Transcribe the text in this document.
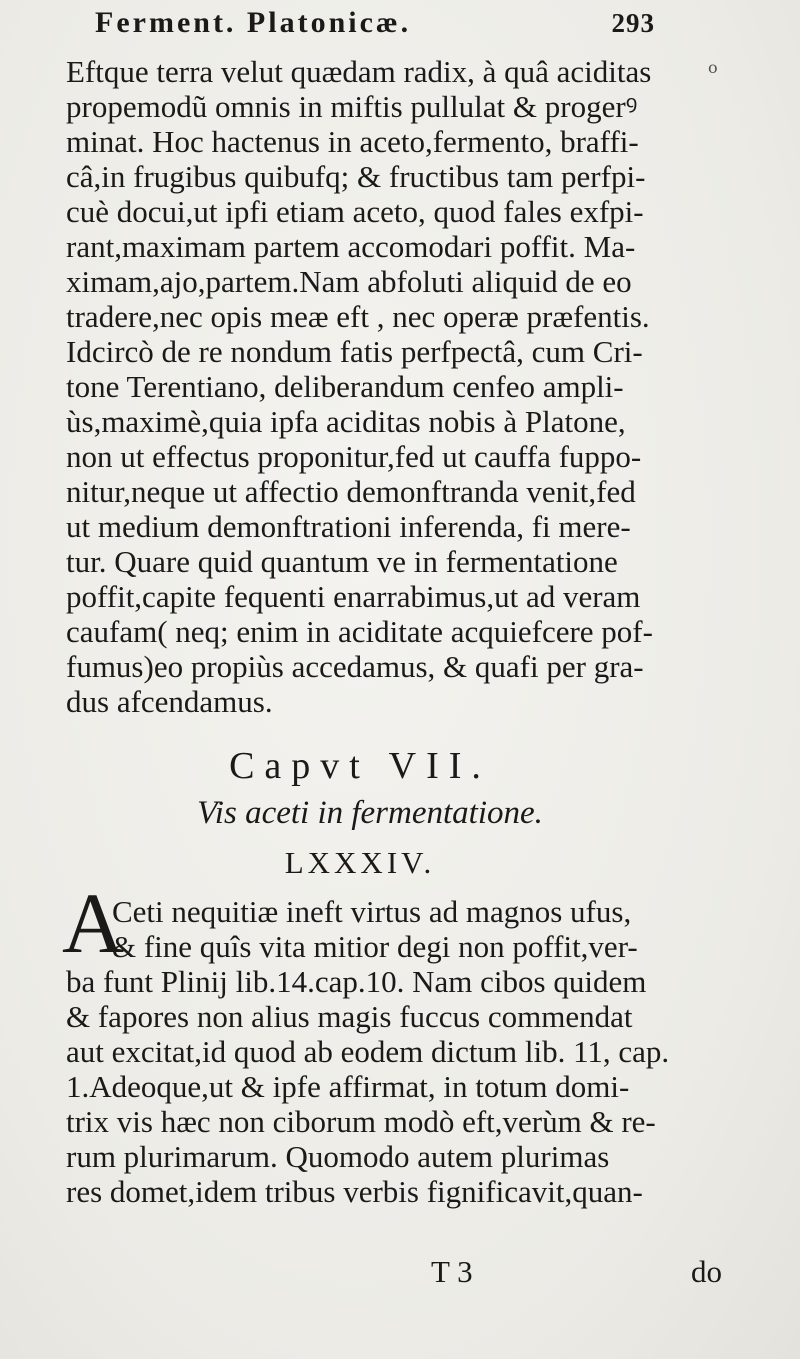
Ferment. Platonicæ.	293
o
Eftque terra velut quædam radix, à quâ aciditas
propemodũ omnis in miftis pullulat & progerꝰ
minat. Hoc hactenus in aceto,fermento, braffi-
câ,in frugibus quibufq; & fructibus tam perfpi-
cuè docui,ut ipfi etiam aceto, quod fales exfpi-
rant,maximam partem accomodari poffit. Ma-
ximam,ajo,partem.Nam abfoluti aliquid de eo
tradere,nec opis meæ eft , nec operæ præfentis.
Idcircò de re nondum fatis perfpectâ, cum Cri-
tone Terentiano, deliberandum cenfeo ampli-
ùs,maximè,quia ipfa aciditas nobis à Platone,
non ut effectus proponitur,fed ut cauffa fuppo-
nitur,neque ut affectio demonftranda venit,fed
ut medium demonftrationi inferenda, fi mere-
tur. Quare quid quantum ve in fermentatione
poffit,capite fequenti enarrabimus,ut ad veram
caufam( neq; enim in aciditate acquiefcere pof-
fumus)eo propiùs accedamus, & quafi per gra-
dus afcendamus.
Capvt VII.
Vis aceti in fermentatione.
LXXXIV.
A
Ceti nequitiæ ineft virtus ad magnos ufus,
& fine quîs vita mitior degi non poffit,ver-
ba funt Plinij lib.14.cap.10. Nam cibos quidem
& fapores non alius magis fuccus commendat
aut excitat,id quod ab eodem dictum lib. 11, cap.
1.Adeoque,ut & ipfe affirmat, in totum domi-
trix vis hæc non ciborum modò eft,verùm & re-
rum plurimarum. Quomodo autem plurimas
res domet,idem tribus verbis fignificavit,quan-
T 3	do
